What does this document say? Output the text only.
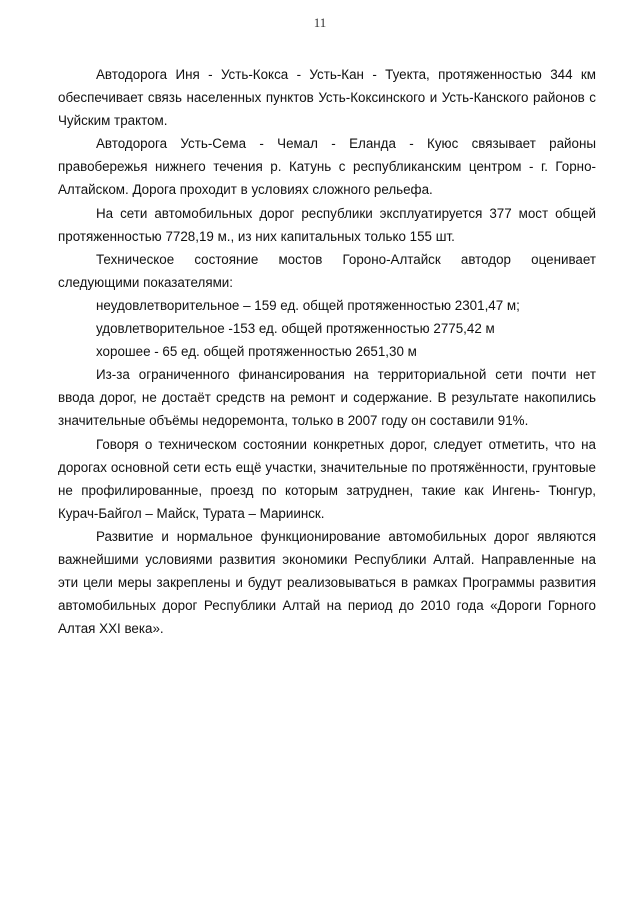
11

Автодорога Иня - Усть-Кокса - Усть-Кан - Туекта, протяженностью 344 км обеспечивает связь населенных пунктов Усть-Коксинского и Усть-Канского районов с Чуйским трактом.

Автодорога Усть-Сема - Чемал - Еланда - Куюс связывает районы правобережья нижнего течения р. Катунь с республиканским центром - г. Горно-Алтайском. Дорога проходит в условиях сложного рельефа.

На сети автомобильных дорог республики эксплуатируется 377 мост общей протяженностью 7728,19 м., из них капитальных только 155 шт.

Техническое состояние мостов Гороно-Алтайск автодор оценивает следующими показателями:

неудовлетворительное – 159 ед. общей протяженностью 2301,47 м;

удовлетворительное -153 ед. общей протяженностью 2775,42 м

хорошее - 65 ед. общей протяженностью 2651,30 м

Из-за ограниченного финансирования на территориальной сети почти нет ввода дорог, не достаёт средств на ремонт и содержание. В результате накопились значительные объёмы недоремонта, только в 2007 году он составили 91%.

Говоря о техническом состоянии конкретных дорог, следует отметить, что на дорогах основной сети есть ещё участки, значительные по протяжённости, грунтовые не профилированные, проезд по которым затруднен, такие как Ингень- Тюнгур, Курач-Байгол – Майск, Турата – Мариинск.

Развитие и нормальное функционирование автомобильных дорог являются важнейшими условиями развития экономики Республики Алтай. Направленные на эти цели меры закреплены и будут реализовываться в рамках Программы развития автомобильных дорог Республики Алтай на период до 2010 года «Дороги Горного Алтая XXI века».
